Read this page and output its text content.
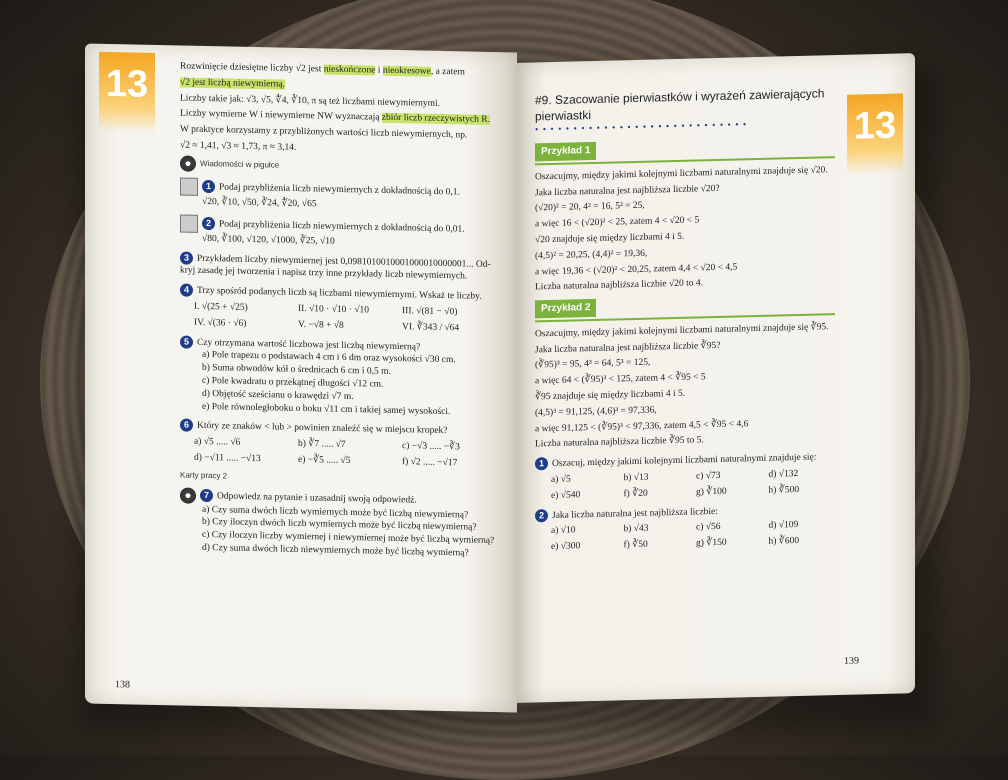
13	Rozwinięcie dziesiętne liczby √2 jest nieskończone i nieokresowe, a zatem
√2 jest liczbą niewymierną.
Liczby takie jak: √3, √5, ∜4, ∛10, π są też liczbami niewymiernymi.
Liczby wymierne W i niewymierne NW wyznaczają zbiór liczb rzeczywistych R.
W praktyce korzystamy z przybliżonych wartości liczb niewymiernych, np.
√2 ≈ 1,41, √3 ≈ 1,73, π ≈ 3,14.
Wiadomości w pigułce
1 Podaj przybliżenia liczb niewymiernych z dokładnością do 0,1.
√20, ∛10, √50, ∛24, ∜20, √65
2 Podaj przybliżenia liczb niewymiernych z dokładnością do 0,01.
√80, ∛100, √120, √1000, ∛25, √10
3 Przykładem liczby niewymiernej jest 0,0981010010001000010000001... Od-kryj zasadę jej tworzenia i napisz trzy inne przykłady liczb niewymiernych.
4 Trzy spośród podanych liczb są liczbami niewymiernymi. Wskaż te liczby.
I. √(25 + √25)	II. √10 · √10 · √10	III. √(81 − √0)
IV. √(36 · √6)	V. −√8 + √8	VI. ∛343 / √64
5 Czy otrzymana wartość liczbowa jest liczbą niewymierną?
a) Pole trapezu o podstawach 4 cm i 6 dm oraz wysokości √30 cm.
b) Suma obwodów kół o średnicach 6 cm i 0,5 m.
c) Pole kwadratu o przekątnej długości √12 cm.
d) Objętość sześcianu o krawędzi √7 m.
e) Pole równoległoboku o boku √11 cm i takiej samej wysokości.
6 Który ze znaków < lub > powinien znaleźć się w miejscu kropek?
a) √5 ..... √6	b) ∛7 ..... √7	c) −√3 ..... −∛3
d) −√11 ..... −√13	e) −∛5 ..... √5	f) √2 ..... −√17
Karty pracy 2
7 Odpowiedz na pytanie i uzasadnij swoją odpowiedź.
a) Czy suma dwóch liczb wymiernych może być liczbą niewymierną?
b) Czy iloczyn dwóch liczb wymiernych może być liczbą niewymierną?
c) Czy iloczyn liczby wymiernej i niewymiernej może być liczbą wymierną?
d) Czy suma dwóch liczb niewymiernych może być liczbą wymierną?
138
13
#9. Szacowanie pierwiastków i wyrażeń zawierających pierwiastki
• • • • • • • • • • • • • • • • • • • • • • • • • • • •
Przykład 1
Oszacujmy, między jakimi kolejnymi liczbami naturalnymi znajduje się √20.
Jaka liczba naturalna jest najbliższa liczbie √20?
(√20)² = 20, 4² = 16, 5² = 25,
a więc 16 < (√20)² < 25, zatem 4 < √20 < 5
√20 znajduje się między liczbami 4 i 5.
(4,5)² = 20,25, (4,4)² = 19,36,
a więc 19,36 < (√20)² < 20,25, zatem 4,4 < √20 < 4,5
Liczba naturalna najbliższa liczbie √20 to 4.
Przykład 2
Oszacujmy, między jakimi kolejnymi liczbami naturalnymi znajduje się ∛95.
Jaka liczba naturalna jest najbliższa liczbie ∛95?
(∛95)³ = 95, 4³ = 64, 5³ = 125,
a więc 64 < (∛95)³ < 125, zatem 4 < ∛95 < 5
∛95 znajduje się między liczbami 4 i 5.
(4,5)³ = 91,125, (4,6)³ = 97,336,
a więc 91,125 < (∛95)³ < 97,336, zatem 4,5 < ∛95 < 4,6
Liczba naturalna najbliższa liczbie ∛95 to 5.
1 Oszacuj, między jakimi kolejnymi liczbami naturalnymi znajduje się:
a) √5	b) √13	c) √73	d) √132
e) √540	f) ∛20	g) ∛100	h) ∛500
2 Jaka liczba naturalna jest najbliższa liczbie:
a) √10	b) √43	c) √56	d) √109
e) √300	f) ∛50	g) ∛150	h) ∛600
139
